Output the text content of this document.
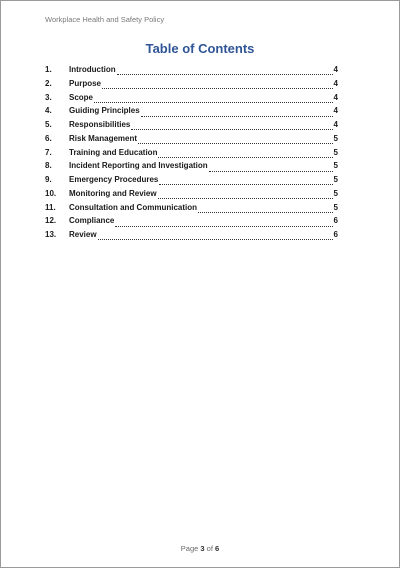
Workplace Health and Safety Policy
Table of Contents
1.	Introduction	4
2.	Purpose	4
3.	Scope	4
4.	Guiding Principles	4
5.	Responsibilities	4
6.	Risk Management	5
7.	Training and Education	5
8.	Incident Reporting and Investigation	5
9.	Emergency Procedures	5
10.	Monitoring and Review	5
11.	Consultation and Communication	5
12.	Compliance	6
13.	Review	6
Page 3 of 6
